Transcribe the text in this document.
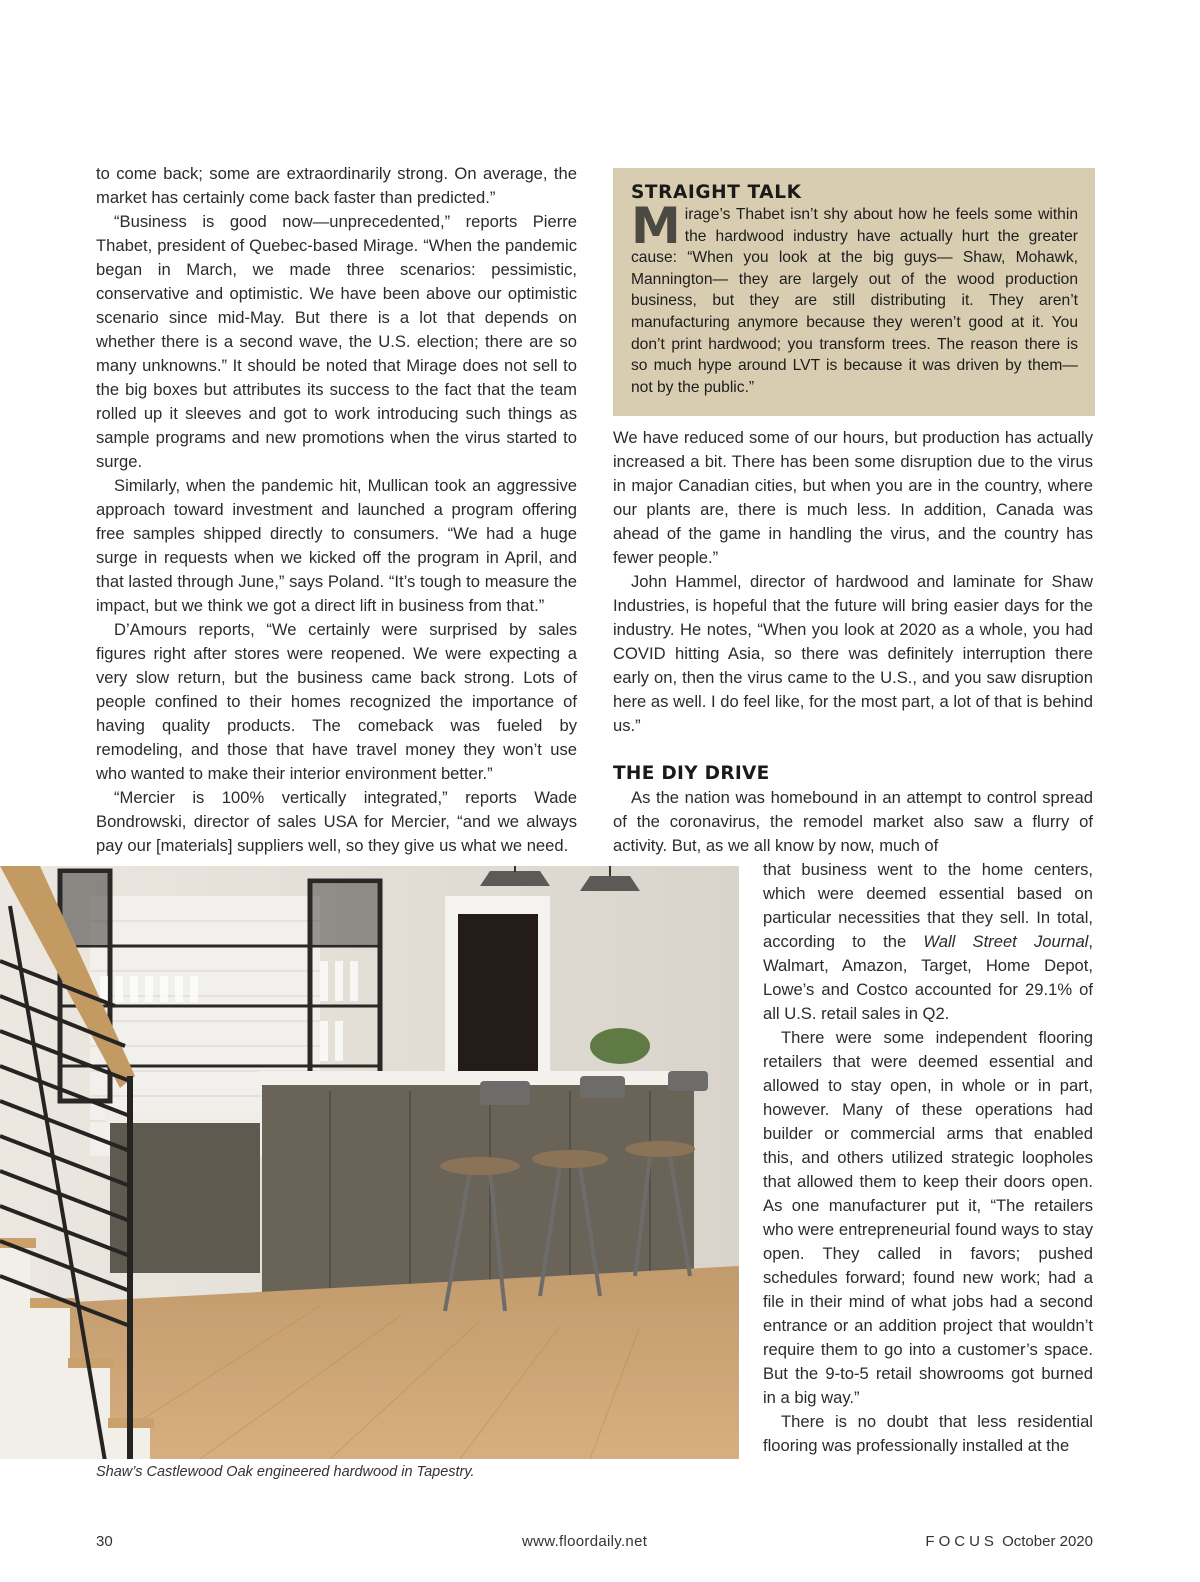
to come back; some are extraordinarily strong. On average, the market has certainly come back faster than predicted.”

“Business is good now—unprecedented,” reports Pierre Thabet, president of Quebec-based Mirage. “When the pandemic began in March, we made three scenarios: pessimistic, conservative and optimistic. We have been above our optimistic scenario since mid-May. But there is a lot that depends on whether there is a second wave, the U.S. election; there are so many unknowns.” It should be noted that Mirage does not sell to the big boxes but attributes its success to the fact that the team rolled up it sleeves and got to work introducing such things as sample programs and new promotions when the virus started to surge.

Similarly, when the pandemic hit, Mullican took an aggressive approach toward investment and launched a program offering free samples shipped directly to consumers. “We had a huge surge in requests when we kicked off the program in April, and that lasted through June,” says Poland. “It’s tough to measure the impact, but we think we got a direct lift in business from that.”

D’Amours reports, “We certainly were surprised by sales figures right after stores were reopened. We were expecting a very slow return, but the business came back strong. Lots of people confined to their homes recognized the importance of having quality products. The comeback was fueled by remodeling, and those that have travel money they won’t use who wanted to make their interior environment better.”

“Mercier is 100% vertically integrated,” reports Wade Bondrowski, director of sales USA for Mercier, “and we always pay our [materials] suppliers well, so they give us what we need.

STRAIGHT TALK
Mirage’s Thabet isn’t shy about how he feels some within the hardwood industry have actually hurt the greater cause: “When you look at the big guys— Shaw, Mohawk, Mannington— they are largely out of the wood production business, but they are still distributing it. They aren’t manufacturing anymore because they weren’t good at it. You don’t print hardwood; you transform trees. The reason there is so much hype around LVT is because it was driven by them— not by the public.”

We have reduced some of our hours, but production has actually increased a bit. There has been some disruption due to the virus in major Canadian cities, but when you are in the country, where our plants are, there is much less. In addition, Canada was ahead of the game in handling the virus, and the country has fewer people.”

John Hammel, director of hardwood and laminate for Shaw Industries, is hopeful that the future will bring easier days for the industry. He notes, “When you look at 2020 as a whole, you had COVID hitting Asia, so there was definitely interruption there early on, then the virus came to the U.S., and you saw disruption here as well. I do feel like, for the most part, a lot of that is behind us.”

THE DIY DRIVE

As the nation was homebound in an attempt to control spread of the coronavirus, the remodel market also saw a flurry of activity. But, as we all know by now, much of

that business went to the home centers, which were deemed essential based on particular necessities that they sell. In total, according to the Wall Street Journal, Walmart, Amazon, Target, Home Depot, Lowe’s and Costco accounted for 29.1% of all U.S. retail sales in Q2.

There were some independent flooring retailers that were deemed essential and allowed to stay open, in whole or in part, however. Many of these operations had builder or commercial arms that enabled this, and others utilized strategic loopholes that allowed them to keep their doors open. As one manufacturer put it, “The retailers who were entrepreneurial found ways to stay open. They called in favors; pushed schedules forward; found new work; had a file in their mind of what jobs had a second entrance or an addition project that wouldn’t require them to go into a customer’s space. But the 9-to-5 retail showrooms got burned in a big way.”

There is no doubt that less residential flooring was professionally installed at the

Shaw’s Castlewood Oak engineered hardwood in Tapestry.
30	www.floordaily.net	FOCUS October 2020
